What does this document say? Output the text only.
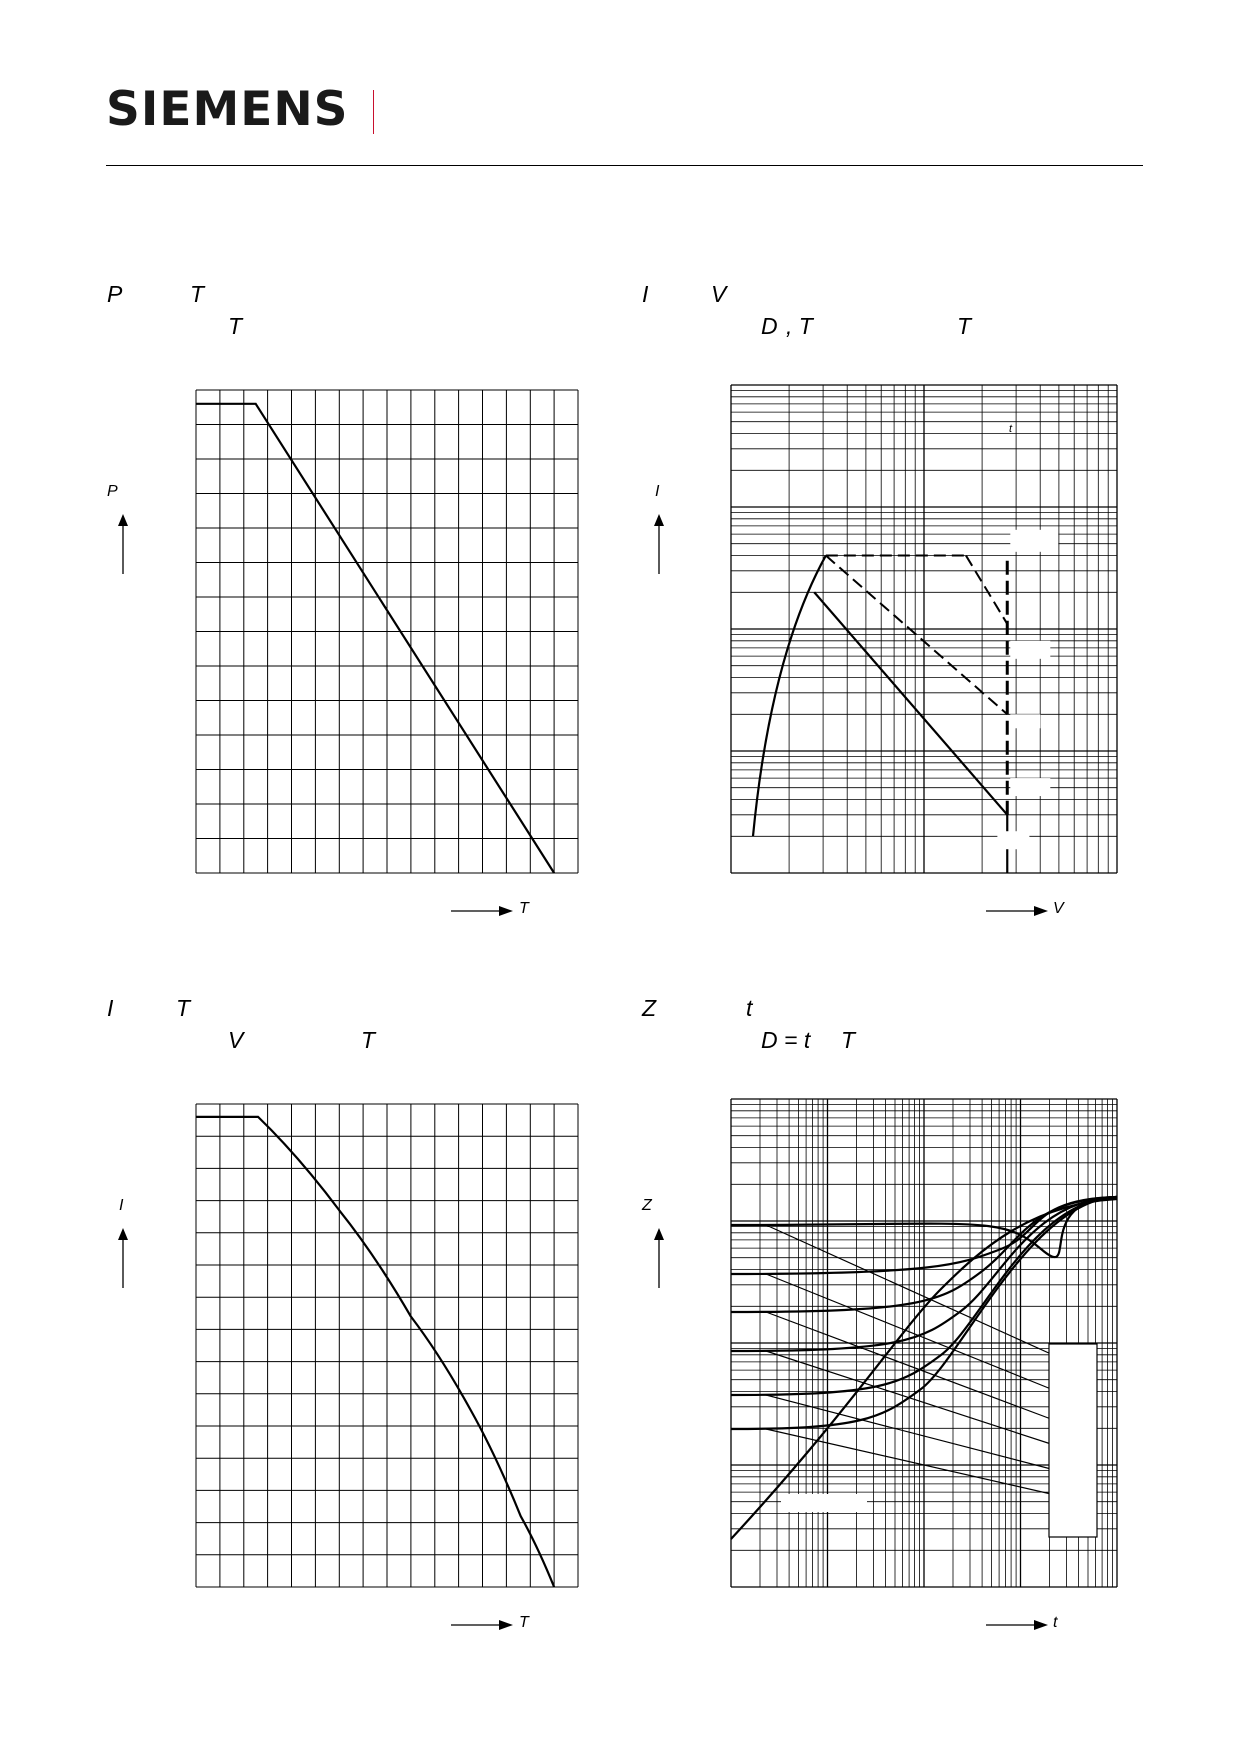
SIEMENS
P	T
T
P
T
I	V
D , T	T
I
V
t
I	T
V	T
I
T
Z	t
D = t T
Z
t
